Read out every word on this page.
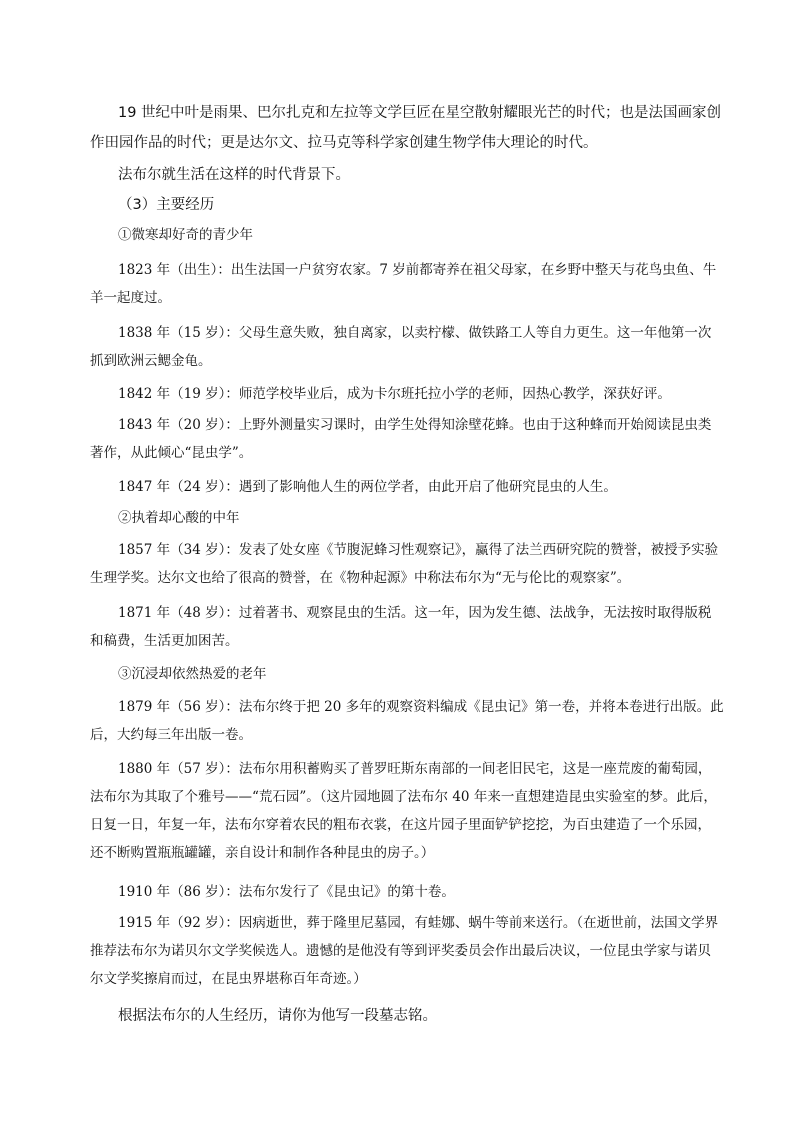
19 世纪中叶是雨果、巴尔扎克和左拉等文学巨匠在星空散射耀眼光芒的时代；也是法国画家创作田园作品的时代；更是达尔文、拉马克等科学家创建生物学伟大理论的时代。

法布尔就生活在这样的时代背景下。

（3）主要经历

①微寒却好奇的青少年

1823 年（出生）：出生法国一户贫穷农家。7 岁前都寄养在祖父母家，在乡野中整天与花鸟虫鱼、牛羊一起度过。

1838 年（15 岁）：父母生意失败，独自离家，以卖柠檬、做铁路工人等自力更生。这一年他第一次抓到欧洲云鳃金龟。

1842 年（19 岁）：师范学校毕业后，成为卡尔班托拉小学的老师，因热心教学，深获好评。

1843 年（20 岁）：上野外测量实习课时，由学生处得知涂壁花蜂。也由于这种蜂而开始阅读昆虫类著作，从此倾心“昆虫学”。

1847 年（24 岁）：遇到了影响他人生的两位学者，由此开启了他研究昆虫的人生。

②执着却心酸的中年

1857 年（34 岁）：发表了处女座《节腹泥蜂习性观察记》，赢得了法兰西研究院的赞誉，被授予实验生理学奖。达尔文也给了很高的赞誉，在《物种起源》中称法布尔为“无与伦比的观察家”。

1871 年（48 岁）：过着著书、观察昆虫的生活。这一年，因为发生德、法战争，无法按时取得版税和稿费，生活更加困苦。

③沉浸却依然热爱的老年

1879 年（56 岁）：法布尔终于把 20 多年的观察资料编成《昆虫记》第一卷，并将本卷进行出版。此后，大约每三年出版一卷。

1880 年（57 岁）：法布尔用积蓄购买了普罗旺斯东南部的一间老旧民宅，这是一座荒废的葡萄园，法布尔为其取了个雅号——“荒石园”。（这片园地圆了法布尔 40 年来一直想建造昆虫实验室的梦。此后，日复一日，年复一年，法布尔穿着农民的粗布衣裳，在这片园子里面铲铲挖挖，为百虫建造了一个乐园，还不断购置瓶瓶罐罐，亲自设计和制作各种昆虫的房子。）

1910 年（86 岁）：法布尔发行了《昆虫记》的第十卷。

1915 年（92 岁）：因病逝世，葬于隆里尼墓园，有蛙娜、蜗牛等前来送行。（在逝世前，法国文学界推荐法布尔为诺贝尔文学奖候选人。遗憾的是他没有等到评奖委员会作出最后决议，一位昆虫学家与诺贝尔文学奖擦肩而过，在昆虫界堪称百年奇迹。）

根据法布尔的人生经历，请你为他写一段墓志铭。
